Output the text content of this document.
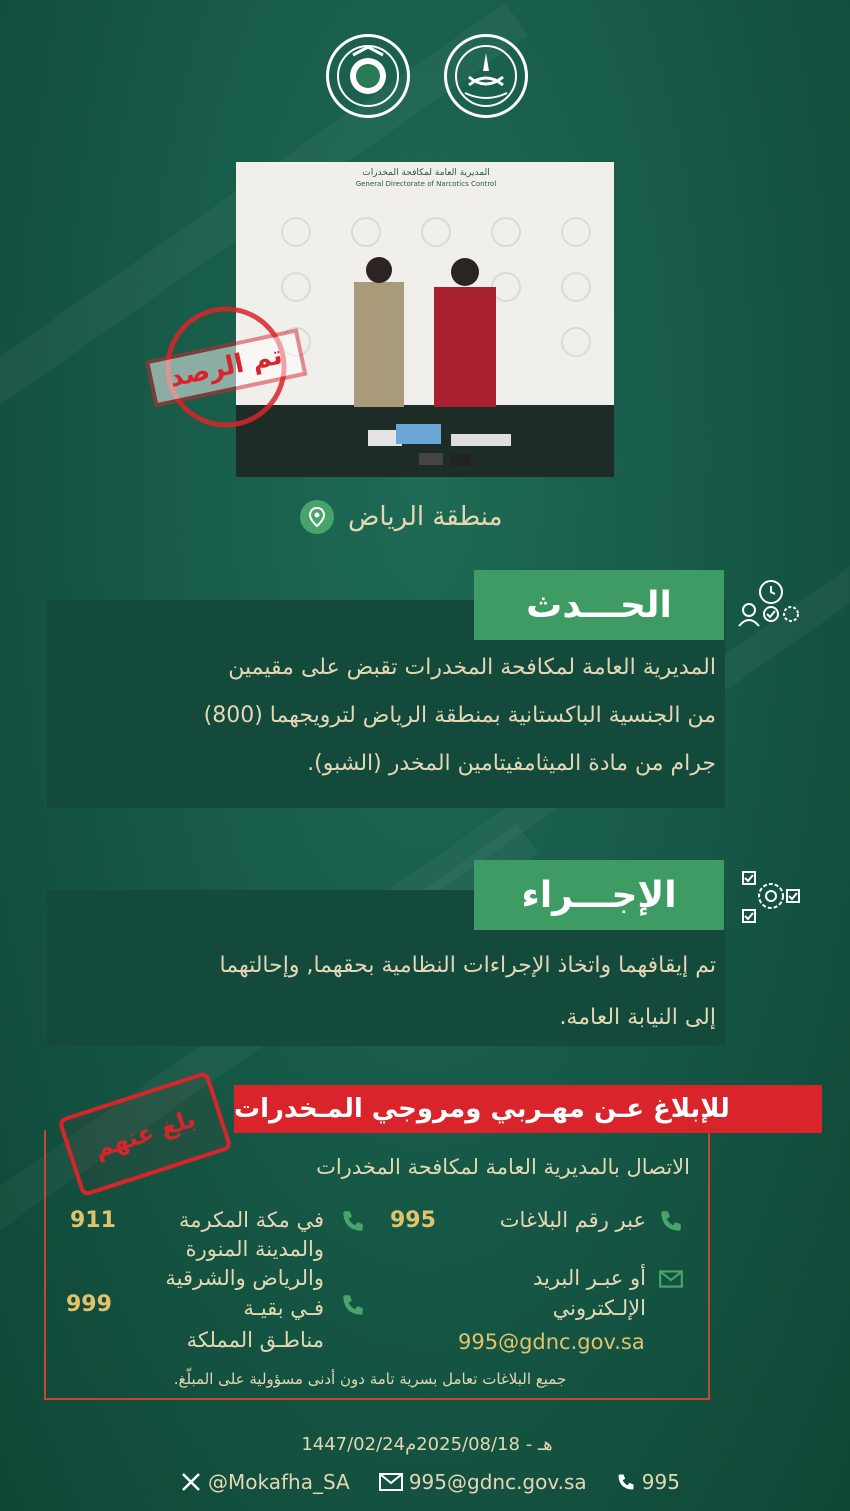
المديرية العامة لمكافحة المخدرات
General Directorate of Narcotics Control
تم الرصد
منطقة الرياض
الحـــدث
المديرية العامة لمكافحة المخدرات تقبض على مقيمين
من الجنسية الباكستانية بمنطقة الرياض لترويجهما (800)
جرام من مادة الميثامفيتامين المخدر (الشبو).
الإجـــراء
تم إيقافهما واتخاذ الإجراءات النظامية بحقهما, وإحالتهما
إلى النيابة العامة.
للإبلاغ عـن مهـربي ومروجي المـخدرات
بلغ عنهم
الاتصال بالمديرية العامة لمكافحة المخدرات
عبر رقم البلاغات
995
أو عبـر البريد
الإلـكتروني
995@gdnc.gov.sa
في مكة المكرمة
والمدينة المنورة
والرياض والشرقية
911
فـي بقيـة
مناطـق المملكة
999
جميع البلاغات تعامل بسرية تامة دون أدنى مسؤولية على المبلّغ.
1447/02/24هـ - 2025/08/18م
@Mokafha_SA	995@gdnc.gov.sa	995
